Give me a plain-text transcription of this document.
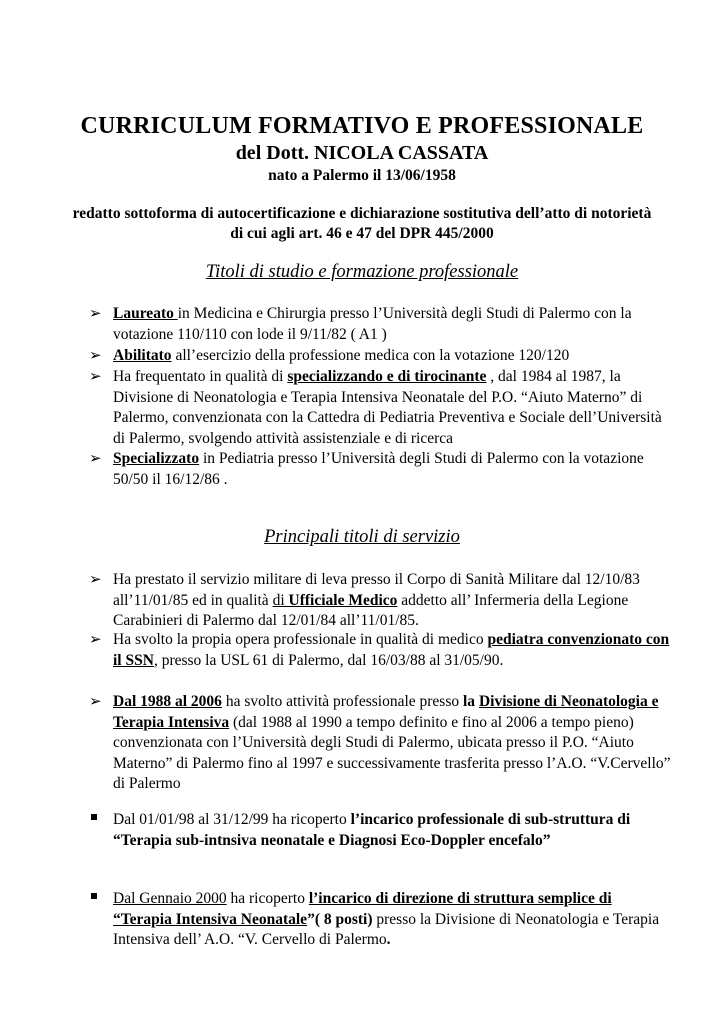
CURRICULUM FORMATIVO E PROFESSIONALE
del Dott. NICOLA CASSATA
nato a Palermo il 13/06/1958
redatto sottoforma di autocertificazione e dichiarazione sostitutiva dell’atto di notorietà di cui agli art. 46 e 47 del DPR 445/2000
Titoli di studio e formazione professionale
➢ Laureato in Medicina e Chirurgia presso l’Università degli Studi di Palermo con la votazione 110/110 con lode il 9/11/82 ( A1 )
➢ Abilitato all’esercizio della professione medica con la votazione 120/120
➢ Ha frequentato in qualità di specializzando e di tirocinante , dal 1984 al 1987, la Divisione di Neonatologia e Terapia Intensiva Neonatale del P.O. “Aiuto Materno” di Palermo, convenzionata con la Cattedra di Pediatria Preventiva e Sociale dell’Università di Palermo, svolgendo attività assistenziale e di ricerca
➢ Specializzato in Pediatria presso l’Università degli Studi di Palermo con la votazione 50/50 il 16/12/86 .
Principali titoli di servizio
➢ Ha prestato il servizio militare di leva presso il Corpo di Sanità Militare dal 12/10/83 all’11/01/85 ed in qualità di Ufficiale Medico addetto all’ Infermeria della Legione Carabinieri di Palermo dal 12/01/84 all’11/01/85.
➢ Ha svolto la propia opera professionale in qualità di medico pediatra convenzionato con il SSN, presso la USL 61 di Palermo, dal 16/03/88 al 31/05/90.
➢ Dal 1988 al 2006 ha svolto attività professionale presso la Divisione di Neonatologia e Terapia Intensiva (dal 1988 al 1990 a tempo definito e fino al 2006 a tempo pieno) convenzionata con l’Università degli Studi di Palermo, ubicata presso il P.O. “Aiuto Materno” di Palermo fino al 1997 e successivamente trasferita presso l’A.O. “V.Cervello” di Palermo
Dal 01/01/98 al 31/12/99 ha ricoperto l’incarico professionale di sub-struttura di “Terapia sub-intnsiva neonatale e Diagnosi Eco-Doppler encefalo”
Dal Gennaio 2000 ha ricoperto l’incarico di direzione di struttura semplice di “Terapia Intensiva Neonatale”( 8 posti) presso la Divisione di Neonatologia e Terapia Intensiva dell’ A.O. “V. Cervello di Palermo.
